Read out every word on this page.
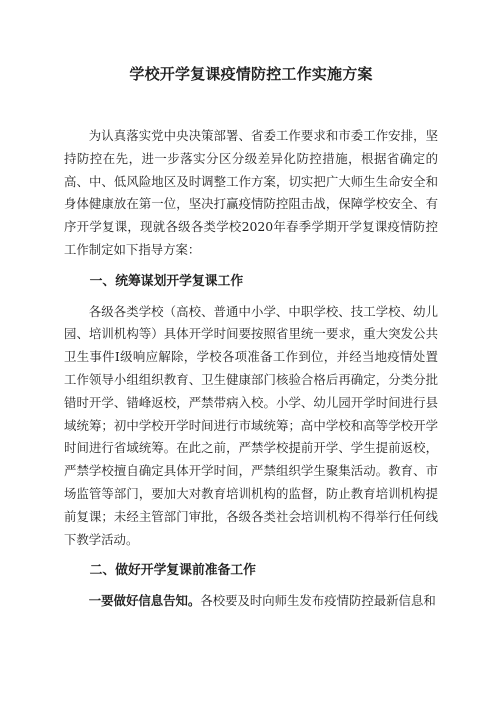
学校开学复课疫情防控工作实施方案

为认真落实党中央决策部署、省委工作要求和市委工作安排，坚持防控在先，进一步落实分区分级差异化防控措施，根据省确定的高、中、低风险地区及时调整工作方案，切实把广大师生生命安全和身体健康放在第一位，坚决打赢疫情防控阻击战，保障学校安全、有序开学复课，现就各级各类学校2020年春季学期开学复课疫情防控工作制定如下指导方案：

一、统筹谋划开学复课工作

各级各类学校（高校、普通中小学、中职学校、技工学校、幼儿园、培训机构等）具体开学时间要按照省里统一要求，重大突发公共卫生事件Ⅰ级响应解除，学校各项准备工作到位，并经当地疫情处置工作领导小组组织教育、卫生健康部门核验合格后再确定，分类分批错时开学、错峰返校，严禁带病入校。小学、幼儿园开学时间进行县域统筹；初中学校开学时间进行市域统筹；高中学校和高等学校开学时间进行省域统筹。在此之前，严禁学校提前开学、学生提前返校，严禁学校擅自确定具体开学时间，严禁组织学生聚集活动。教育、市场监管等部门，要加大对教育培训机构的监督，防止教育培训机构提前复课；未经主管部门审批，各级各类社会培训机构不得举行任何线下教学活动。

二、做好开学复课前准备工作

一要做好信息告知。各校要及时向师生发布疫情防控最新信息和
